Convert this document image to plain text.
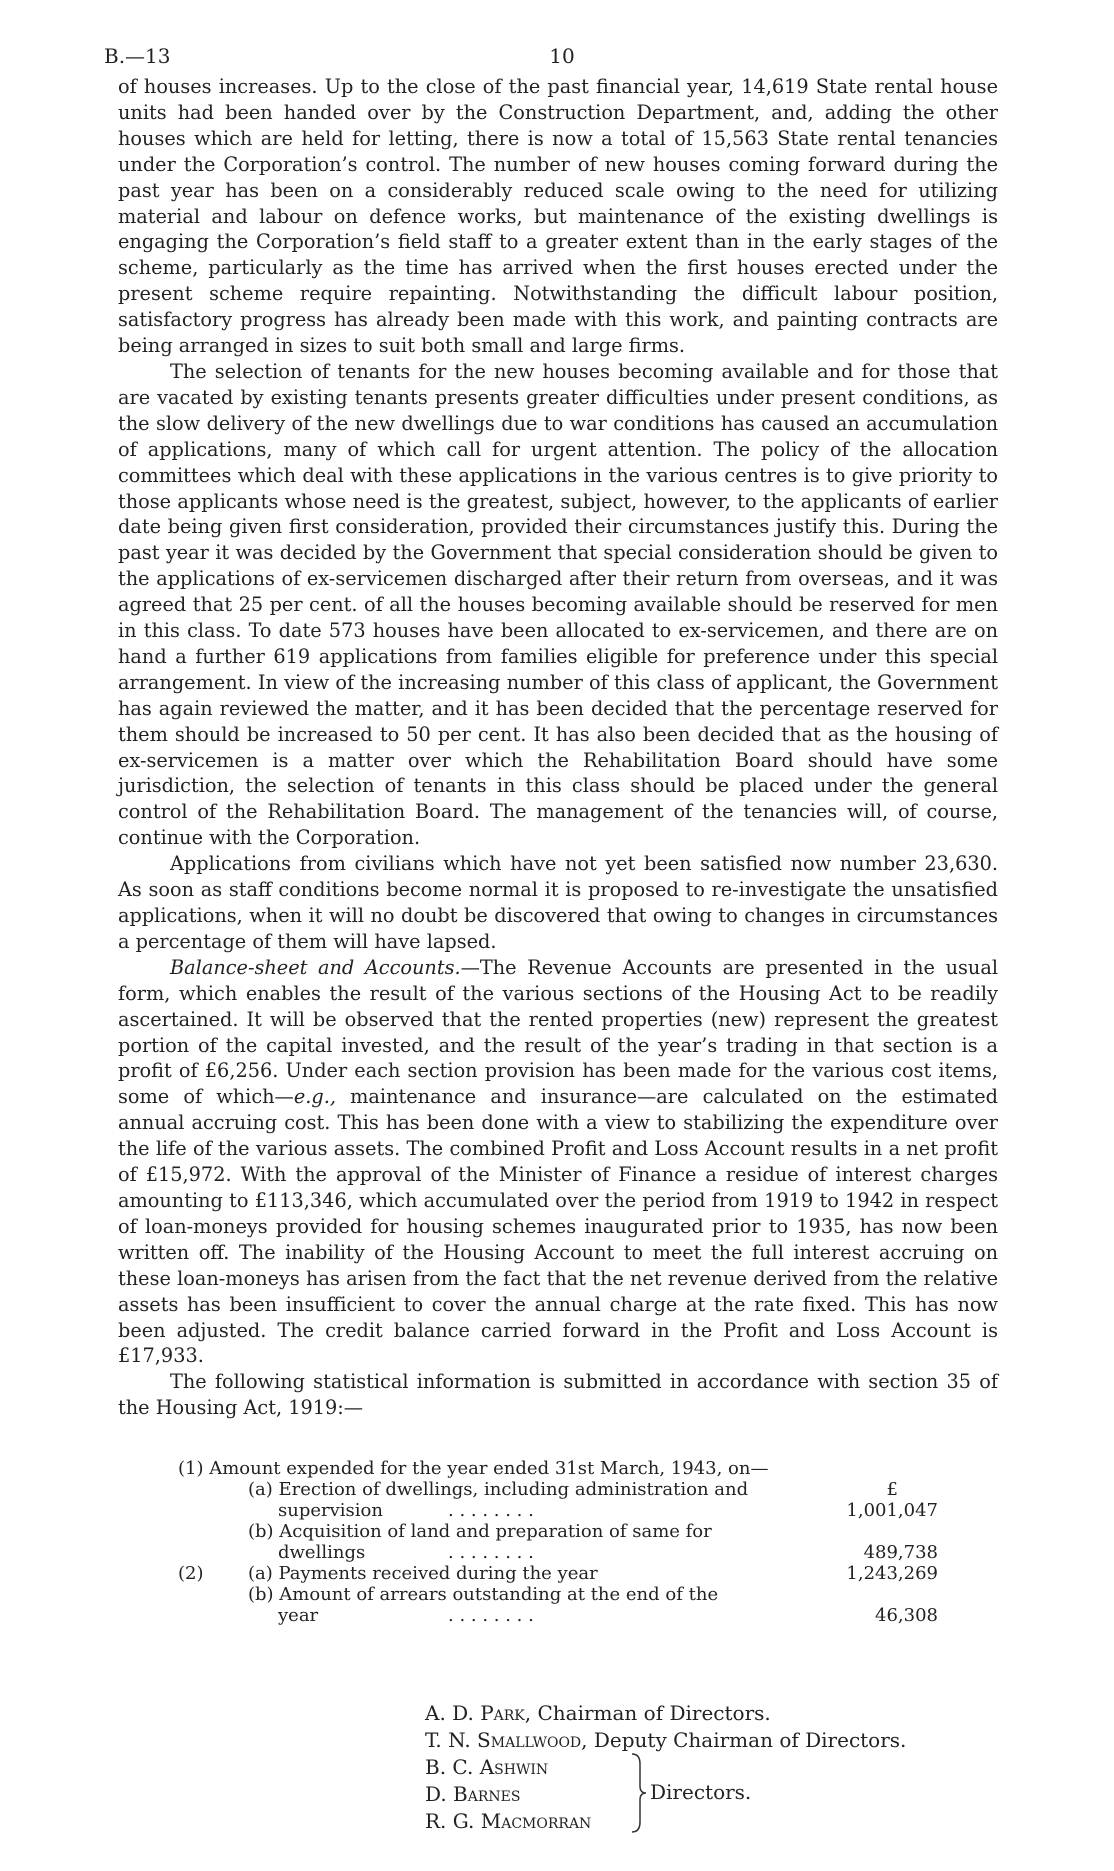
B.—13	10

of houses increases. Up to the close of the past financial year, 14,619 State rental house units had been handed over by the Construction Department, and, adding the other houses which are held for letting, there is now a total of 15,563 State rental tenancies under the Corporation’s control. The number of new houses coming forward during the past year has been on a considerably reduced scale owing to the need for utilizing material and labour on defence works, but maintenance of the existing dwellings is engaging the Corporation’s field staff to a greater extent than in the early stages of the scheme, particularly as the time has arrived when the first houses erected under the present scheme require repainting. Notwithstanding the difficult labour position, satisfactory progress has already been made with this work, and painting contracts are being arranged in sizes to suit both small and large firms.

The selection of tenants for the new houses becoming available and for those that are vacated by existing tenants presents greater difficulties under present conditions, as the slow delivery of the new dwellings due to war conditions has caused an accumulation of applications, many of which call for urgent attention. The policy of the allocation committees which deal with these applications in the various centres is to give priority to those applicants whose need is the greatest, subject, however, to the applicants of earlier date being given first consideration, provided their circumstances justify this. During the past year it was decided by the Government that special consideration should be given to the applications of ex-servicemen discharged after their return from overseas, and it was agreed that 25 per cent. of all the houses becoming available should be reserved for men in this class. To date 573 houses have been allocated to ex-servicemen, and there are on hand a further 619 applications from families eligible for preference under this special arrangement. In view of the increasing number of this class of applicant, the Government has again reviewed the matter, and it has been decided that the percentage reserved for them should be increased to 50 per cent. It has also been decided that as the housing of ex-servicemen is a matter over which the Rehabilitation Board should have some jurisdiction, the selection of tenants in this class should be placed under the general control of the Rehabilitation Board. The management of the tenancies will, of course, continue with the Corporation.

Applications from civilians which have not yet been satisfied now number 23,630. As soon as staff conditions become normal it is proposed to re-investigate the unsatisfied applications, when it will no doubt be discovered that owing to changes in circumstances a percentage of them will have lapsed.

Balance-sheet and Accounts.—The Revenue Accounts are presented in the usual form, which enables the result of the various sections of the Housing Act to be readily ascertained. It will be observed that the rented properties (new) represent the greatest portion of the capital invested, and the result of the year’s trading in that section is a profit of £6,256. Under each section provision has been made for the various cost items, some of which—e.g., maintenance and insurance—are calculated on the estimated annual accruing cost. This has been done with a view to stabilizing the expenditure over the life of the various assets. The combined Profit and Loss Account results in a net profit of £15,972. With the approval of the Minister of Finance a residue of interest charges amounting to £113,346, which accumulated over the period from 1919 to 1942 in respect of loan-moneys provided for housing schemes inaugurated prior to 1935, has now been written off. The inability of the Housing Account to meet the full interest accruing on these loan-moneys has arisen from the fact that the net revenue derived from the relative assets has been insufficient to cover the annual charge at the rate fixed. This has now been adjusted. The credit balance carried forward in the Profit and Loss Account is £17,933.

The following statistical information is submitted in accordance with section 35 of the Housing Act, 1919:—

(1) Amount expended for the year ended 31st March, 1943, on—
(a) Erection of dwellings, including administration and	£
supervision	. . . . . . . .	1,001,047
(b) Acquisition of land and preparation of same for
dwellings	. . . . . . . .	489,738
(2) (a) Payments received during the year	1,243,269
(b) Amount of arrears outstanding at the end of the
year	. . . . . . . .	46,308
A. D. Park, Chairman of Directors.
T. N. Smallwood, Deputy Chairman of Directors.
B. C. Ashwin
D. Barnes
R. G. Macmorran
Directors.
